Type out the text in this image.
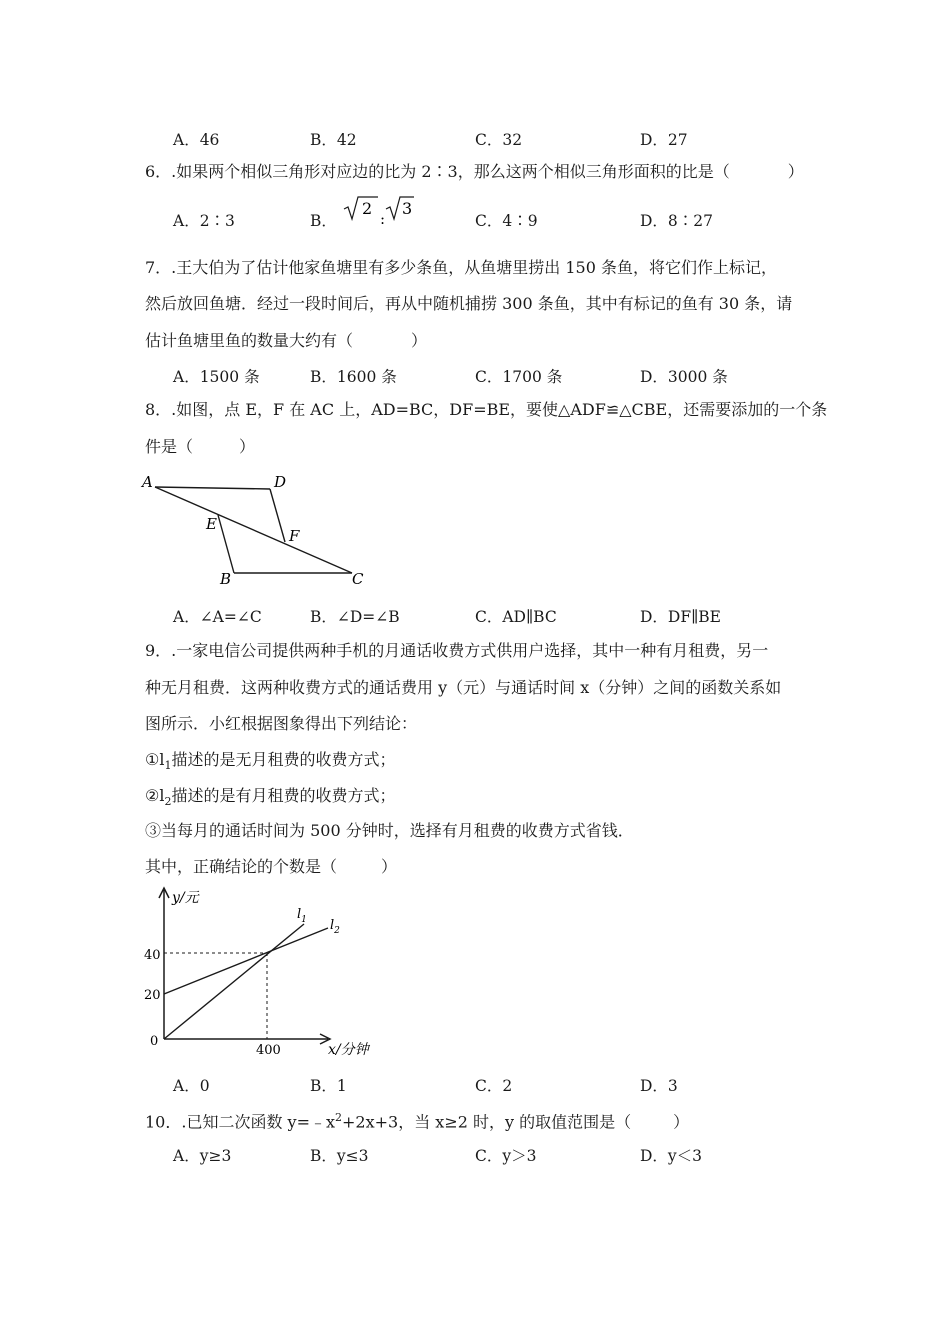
A．46	B．42	C．32	D．27
6．.如果两个相似三角形对应边的比为 2∶3，那么这两个相似三角形面积的比是（	）
A．2∶3	B．
2
:
3
C．4∶9	D．8∶27
7．.王大伯为了估计他家鱼塘里有多少条鱼，从鱼塘里捞出 150 条鱼，将它们作上标记，
然后放回鱼塘．经过一段时间后，再从中随机捕捞 300 条鱼，其中有标记的鱼有 30 条，请
估计鱼塘里鱼的数量大约有（	）
A．1500 条	B．1600 条	C．1700 条	D．3000 条
8．.如图，点 E，F 在 AC 上，AD=BC，DF=BE，要使△ADF≌△CBE，还需要添加的一个条
件是（	）
A	D
E
F
B	C
A．∠A=∠C	B．∠D=∠B	C．AD∥BC	D．DF∥BE
9．.一家电信公司提供两种手机的月通话收费方式供用户选择，其中一种有月租费，另一
种无月租费．这两种收费方式的通话费用 y（元）与通话时间 x（分钟）之间的函数关系如
图所示．小红根据图象得出下列结论：
$①l_1$描述的是无月租费的收费方式；
$②l_2$描述的是有月租费的收费方式；
③当每月的通话时间为 500 分钟时，选择有月租费的收费方式省钱．
其中，正确结论的个数是（	）
y/元
x/分钟
$l_1$ $l_2$
40
20
0
400
A．0	B．1	C．2	D．3
10．.已知二次函数 $y=﹣x^2+2x+3$，当 x≥2 时，y 的取值范围是（	）
A．y≥3	B．y≤3	C．y＞3	D．y＜3
